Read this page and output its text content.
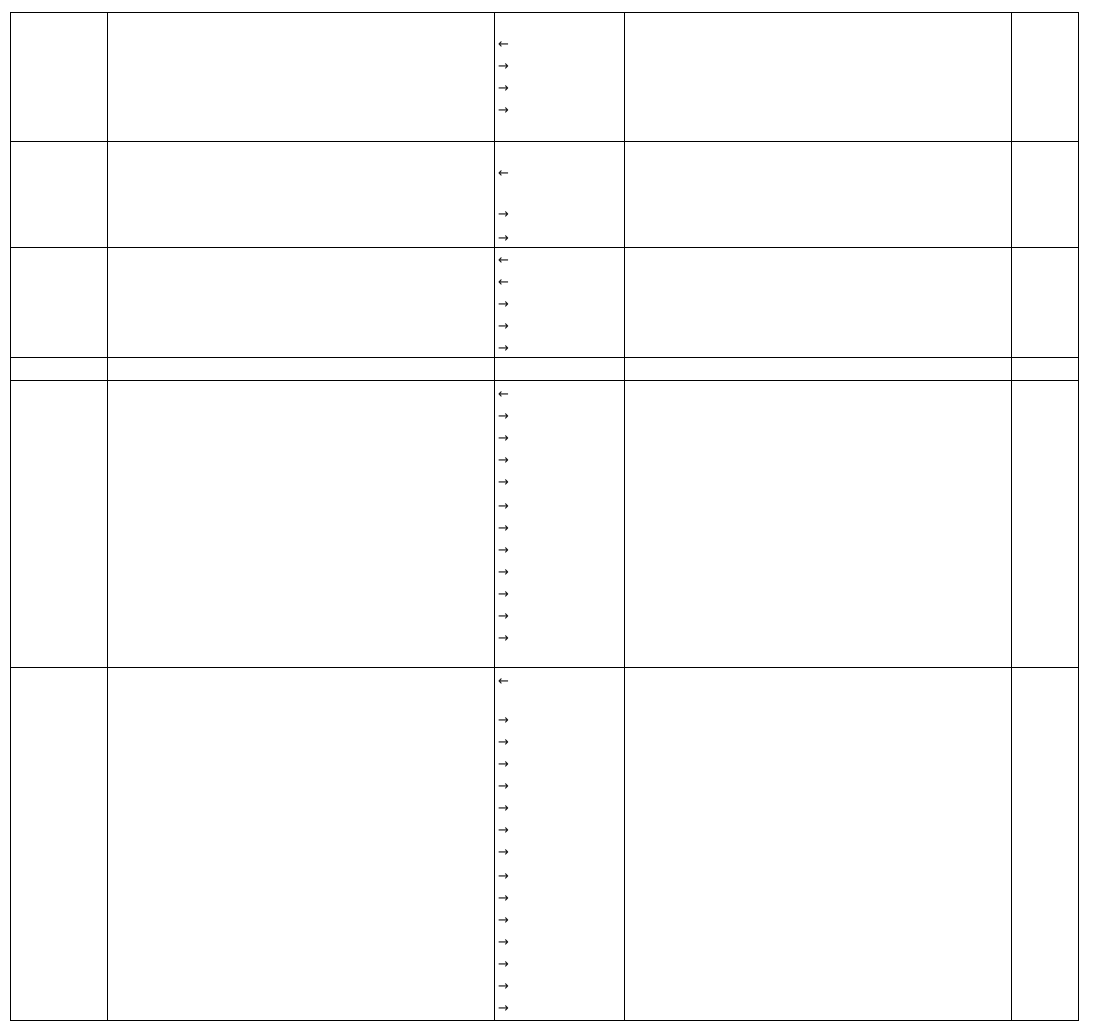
←
→
→
→
←
→
→
←
←
→
→
→
←
→
→
→
→
→
→
→
→
→
→
→
←
→
→
→
→
→
→
→
→
→
→
→
→
→
→
